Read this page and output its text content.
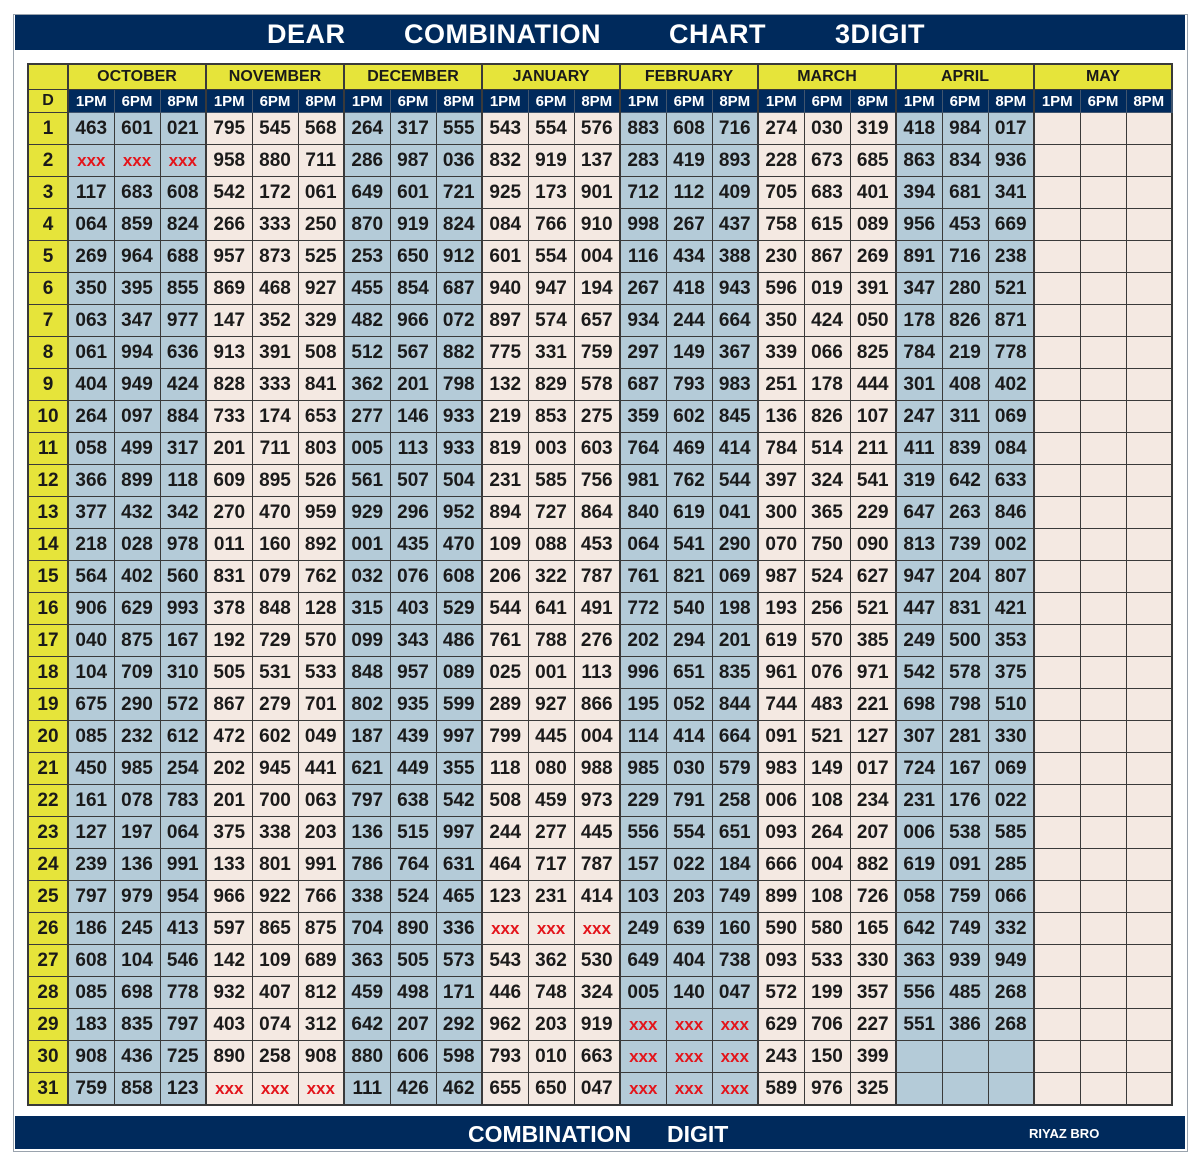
DEAR COMBINATION	CHART	3DIGIT
	OCTOBER			NOVEMBER			DECEMBER			JANUARY			FEBRUARY			MARCH			APRIL			MAY		
D	1PM	6PM	8PM	1PM	6PM	8PM	1PM	6PM	8PM	1PM	6PM	8PM	1PM	6PM	8PM	1PM	6PM	8PM	1PM	6PM	8PM	1PM	6PM	8PM
1	463	601	021	795	545	568	264	317	555	543	554	576	883	608	716	274	030	319	418	984	017			
2	xxx	xxx	xxx	958	880	711	286	987	036	832	919	137	283	419	893	228	673	685	863	834	936			
3	117	683	608	542	172	061	649	601	721	925	173	901	712	112	409	705	683	401	394	681	341			
4	064	859	824	266	333	250	870	919	824	084	766	910	998	267	437	758	615	089	956	453	669			
5	269	964	688	957	873	525	253	650	912	601	554	004	116	434	388	230	867	269	891	716	238			
6	350	395	855	869	468	927	455	854	687	940	947	194	267	418	943	596	019	391	347	280	521			
7	063	347	977	147	352	329	482	966	072	897	574	657	934	244	664	350	424	050	178	826	871			
8	061	994	636	913	391	508	512	567	882	775	331	759	297	149	367	339	066	825	784	219	778			
9	404	949	424	828	333	841	362	201	798	132	829	578	687	793	983	251	178	444	301	408	402			
10	264	097	884	733	174	653	277	146	933	219	853	275	359	602	845	136	826	107	247	311	069			
11	058	499	317	201	711	803	005	113	933	819	003	603	764	469	414	784	514	211	411	839	084			
12	366	899	118	609	895	526	561	507	504	231	585	756	981	762	544	397	324	541	319	642	633			
13	377	432	342	270	470	959	929	296	952	894	727	864	840	619	041	300	365	229	647	263	846			
14	218	028	978	011	160	892	001	435	470	109	088	453	064	541	290	070	750	090	813	739	002			
15	564	402	560	831	079	762	032	076	608	206	322	787	761	821	069	987	524	627	947	204	807			
16	906	629	993	378	848	128	315	403	529	544	641	491	772	540	198	193	256	521	447	831	421			
17	040	875	167	192	729	570	099	343	486	761	788	276	202	294	201	619	570	385	249	500	353			
18	104	709	310	505	531	533	848	957	089	025	001	113	996	651	835	961	076	971	542	578	375			
19	675	290	572	867	279	701	802	935	599	289	927	866	195	052	844	744	483	221	698	798	510			
20	085	232	612	472	602	049	187	439	997	799	445	004	114	414	664	091	521	127	307	281	330			
21	450	985	254	202	945	441	621	449	355	118	080	988	985	030	579	983	149	017	724	167	069			
22	161	078	783	201	700	063	797	638	542	508	459	973	229	791	258	006	108	234	231	176	022			
23	127	197	064	375	338	203	136	515	997	244	277	445	556	554	651	093	264	207	006	538	585			
24	239	136	991	133	801	991	786	764	631	464	717	787	157	022	184	666	004	882	619	091	285			
25	797	979	954	966	922	766	338	524	465	123	231	414	103	203	749	899	108	726	058	759	066			
26	186	245	413	597	865	875	704	890	336	xxx	xxx	xxx	249	639	160	590	580	165	642	749	332			
27	608	104	546	142	109	689	363	505	573	543	362	530	649	404	738	093	533	330	363	939	949			
28	085	698	778	932	407	812	459	498	171	446	748	324	005	140	047	572	199	357	556	485	268			
29	183	835	797	403	074	312	642	207	292	962	203	919	xxx	xxx	xxx	629	706	227	551	386	268			
30	908	436	725	890	258	908	880	606	598	793	010	663	xxx	xxx	xxx	243	150	399						
31	759	858	123	xxx	xxx	xxx	111	426	462	655	650	047	xxx	xxx	xxx	589	976	325						
COMBINATION DIGIT	RIYAZ BRO
